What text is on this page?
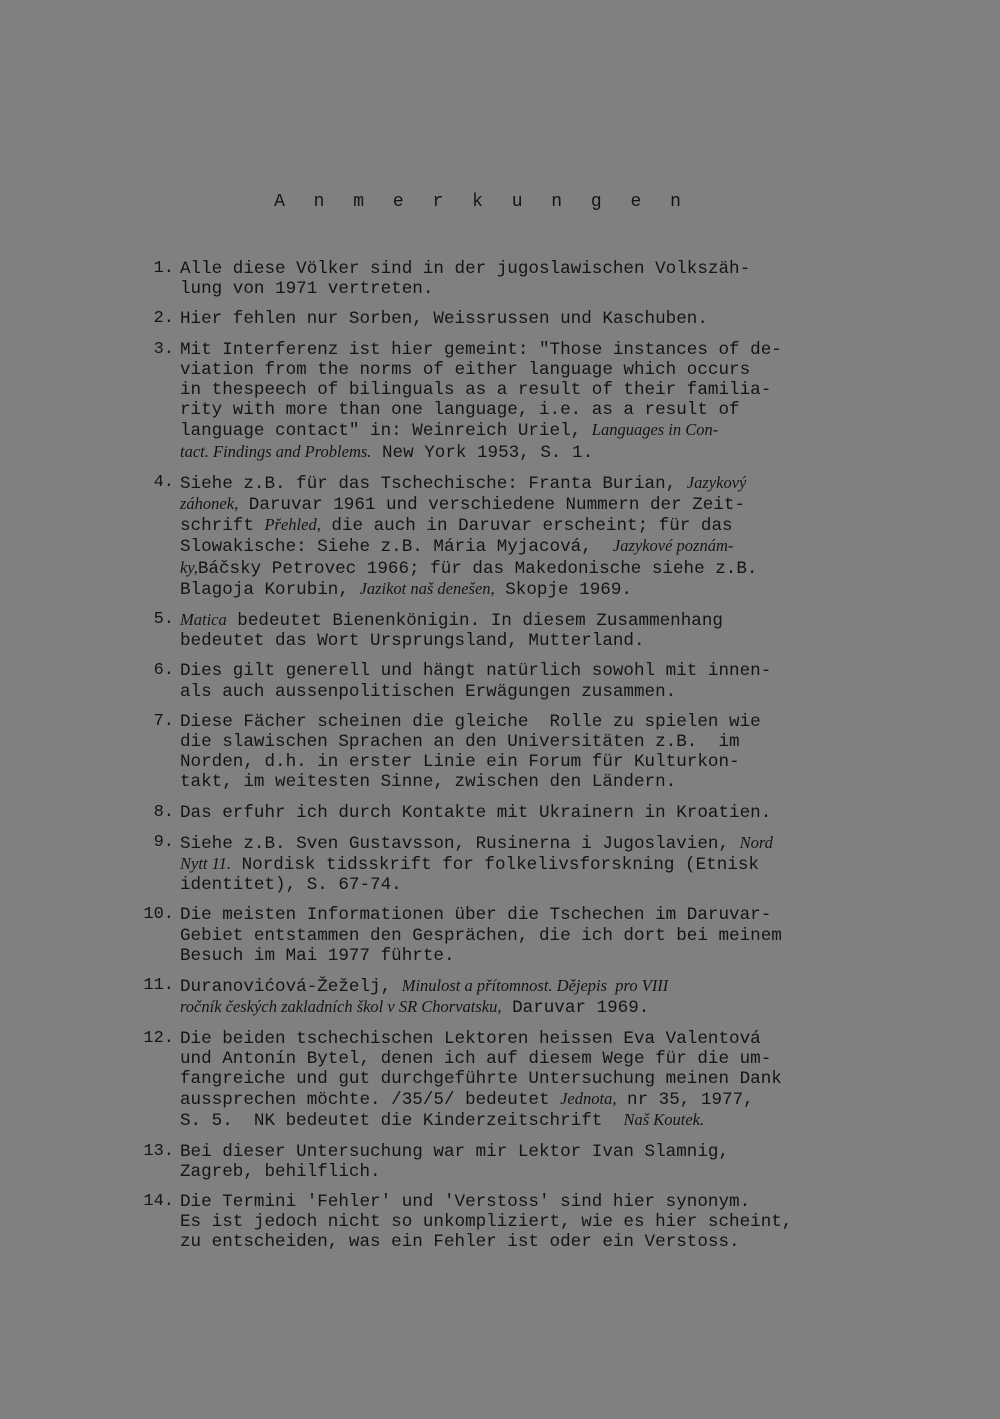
A n m e r k u n g e n
1. Alle diese Völker sind in der jugoslawischen Volkszäh-
lung von 1971 vertreten.
2. Hier fehlen nur Sorben, Weissrussen und Kaschuben.
3. Mit Interferenz ist hier gemeint: "Those instances of de-
viation from the norms of either language which occurs
in thespeech of bilinguals as a result of their familia-
rity with more than one language, i.e. as a result of
language contact" in: Weinreich Uriel, Languages in Con-
tact. Findings and Problems. New York 1953, S. 1.
4. Siehe z.B. für das Tschechische: Franta Burian, Jazykový
záhonek, Daruvar 1961 und verschiedene Nummern der Zeit-
schrift Přehled, die auch in Daruvar erscheint; für das
Slowakische: Siehe z.B. Mária Myjacová,  Jazykové poznám-
ky,Báčsky Petrovec 1966; für das Makedonische siehe z.B.
Blagoja Korubin, Jazikot naš denešen, Skopje 1969.
5. Matica bedeutet Bienenkönigin. In diesem Zusammenhang
bedeutet das Wort Ursprungsland, Mutterland.
6. Dies gilt generell und hängt natürlich sowohl mit innen-
als auch aussenpolitischen Erwägungen zusammen.
7. Diese Fächer scheinen die gleiche  Rolle zu spielen wie
die slawischen Sprachen an den Universitäten z.B.  im
Norden, d.h. in erster Linie ein Forum für Kulturkon-
takt, im weitesten Sinne, zwischen den Ländern.
8. Das erfuhr ich durch Kontakte mit Ukrainern in Kroatien.
9. Siehe z.B. Sven Gustavsson, Rusinerna i Jugoslavien, Nord
Nytt 11. Nordisk tidsskrift for folkelivsforskning (Etnisk
identitet), S. 67-74.
10. Die meisten Informationen über die Tschechen im Daruvar-
Gebiet entstammen den Gesprächen, die ich dort bei meinem
Besuch im Mai 1977 führte.
11. Duranovićová-Žeželj, Minulost a přítomnost. Dějepis  pro VIII
ročník českých zakladních škol v SR Chorvatsku, Daruvar 1969.
12. Die beiden tschechischen Lektoren heissen Eva Valentová
und Antonín Bytel, denen ich auf diesem Wege für die um-
fangreiche und gut durchgeführte Untersuchung meinen Dank
aussprechen möchte. /35/5/ bedeutet Jednota, nr 35, 1977,
S. 5.  NK bedeutet die Kinderzeitschrift  Naš Koutek.
13. Bei dieser Untersuchung war mir Lektor Ivan Slamnig,
Zagreb, behilflich.
14. Die Termini 'Fehler' und 'Verstoss' sind hier synonym.
Es ist jedoch nicht so unkompliziert, wie es hier scheint,
zu entscheiden, was ein Fehler ist oder ein Verstoss.
